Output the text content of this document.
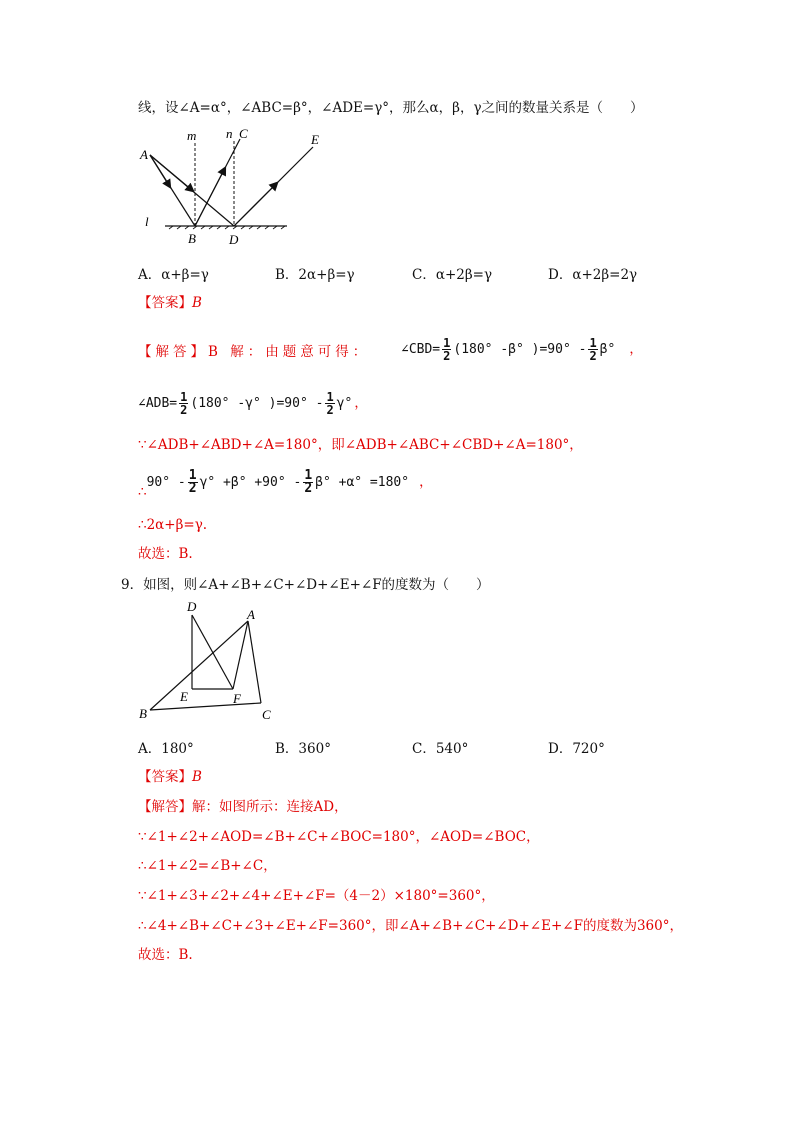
线，设∠A=α°，∠ABC=β°，∠ADE=γ°，那么α，β，γ之间的数量关系是（　　）
A
B
C
D
E
m n
l
A．α+β=γ	B．2α+β=γ	C．α+2β=γ	D．α+2β=2γ
【答案】B
【解答】B 解：由题意可得： ∠CBD= $\frac{1}{2} (180^\circ$ -β° )$=90^\circ - \frac{1}{2} \beta^\circ$ ，
∠ADB= $\frac{1}{2} (180^\circ$ -γ° )$=90^\circ - \frac{1}{2} \gamma^\circ$ ，
∵∠ADB+∠ABD+∠A=180°，即∠ADB+∠ABC+∠CBD+∠A=180°，
∴90° - $\frac{1}{2} \gamma^\circ +\beta^\circ +90^\circ - \frac{1}{2} \beta^\circ +\alpha^\circ =180^\circ$ ，
∴2α+β=γ.
故选：B.
9．如图，则∠A+∠B+∠C+∠D+∠E+∠F的度数为（　　）
D
A
E	F
B	C
A．180°	B．360°	C．540°	D．720°
【答案】B
【解答】解：如图所示：连接AD，
∵∠1+∠2+∠AOD=∠B+∠C+∠BOC=180°，∠AOD=∠BOC，
∴∠1+∠2=∠B+∠C，
∵∠1+∠3+∠2+∠4+∠E+∠F=（4－2）×180°=360°，
∴∠4+∠B+∠C+∠3+∠E+∠F=360°，即∠A+∠B+∠C+∠D+∠E+∠F的度数为360°，
故选：B.
